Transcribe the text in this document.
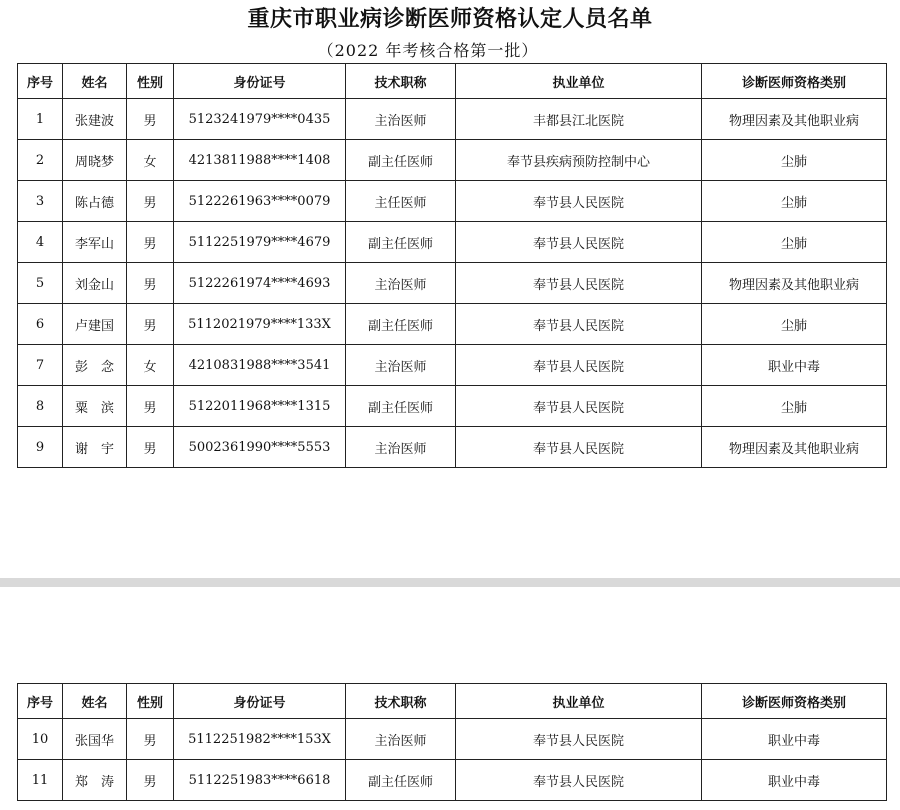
重庆市职业病诊断医师资格认定人员名单
（2022 年考核合格第一批）
序号	姓名	性别	身份证号	技术职称	执业单位	诊断医师资格类别
1	张建波	男	5123241979****0435	主治医师	丰都县江北医院	物理因素及其他职业病
2	周晓梦	女	4213811988****1408	副主任医师	奉节县疾病预防控制中心	尘肺
3	陈占德	男	5122261963****0079	主任医师	奉节县人民医院	尘肺
4	李军山	男	5112251979****4679	副主任医师	奉节县人民医院	尘肺
5	刘金山	男	5122261974****4693	主治医师	奉节县人民医院	物理因素及其他职业病
6	卢建国	男	5112021979****133X	副主任医师	奉节县人民医院	尘肺
7	彭　念	女	4210831988****3541	主治医师	奉节县人民医院	职业中毒
8	粟　滨	男	5122011968****1315	副主任医师	奉节县人民医院	尘肺
9	谢　宇	男	5002361990****5553	主治医师	奉节县人民医院	物理因素及其他职业病
序号	姓名	性别	身份证号	技术职称	执业单位	诊断医师资格类别
10	张国华	男	5112251982****153X	主治医师	奉节县人民医院	职业中毒
11	郑　涛	男	5112251983****6618	副主任医师	奉节县人民医院	职业中毒
